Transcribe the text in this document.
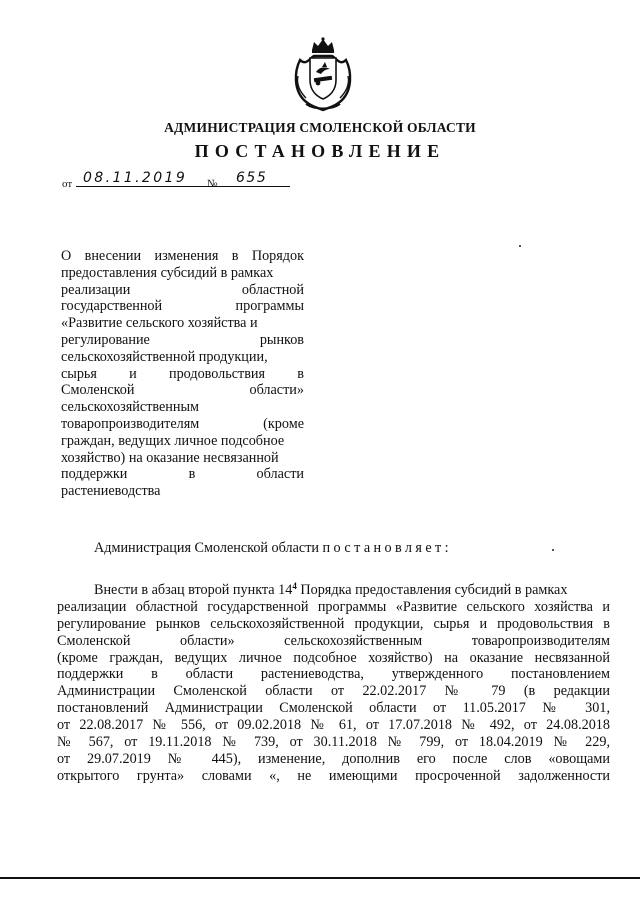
АДМИНИСТРАЦИЯ СМОЛЕНСКОЙ ОБЛАСТИ
ПОСТАНОВЛЕНИЕ
от 08.11.2019	№	655
О внесении изменения в Порядок
предоставления субсидий в рамках
реализации областной
государственной программы
«Развитие сельского хозяйства и
регулирование рынков
сельскохозяйственной продукции,
сырья и продовольствия в
Смоленской области»
сельскохозяйственным
товаропроизводителям (кроме
граждан, ведущих личное подсобное
хозяйство) на оказание несвязанной
поддержки в области
растениеводства
Администрация Смоленской области постановляет:
Внести в абзац второй пункта $14^4$ Порядка предоставления субсидий в рамках
реализации областной государственной программы «Развитие сельского хозяйства и
регулирование рынков сельскохозяйственной продукции, сырья и продовольствия в
Смоленской области» сельскохозяйственным товаропроизводителям
(кроме граждан, ведущих личное подсобное хозяйство) на оказание несвязанной
поддержки в области растениеводства, утвержденного постановлением
Администрации Смоленской области от 22.02.2017 № 79 (в редакции
постановлений Администрации Смоленской области от 11.05.2017 № 301,
от 22.08.2017 № 556, от 09.02.2018 № 61, от 17.07.2018 № 492, от 24.08.2018
№ 567, от 19.11.2018 № 739, от 30.11.2018 № 799, от 18.04.2019 № 229,
от 29.07.2019 № 445), изменение, дополнив его после слов «овощами
открытого грунта» словами «, не имеющими просроченной задолженности
